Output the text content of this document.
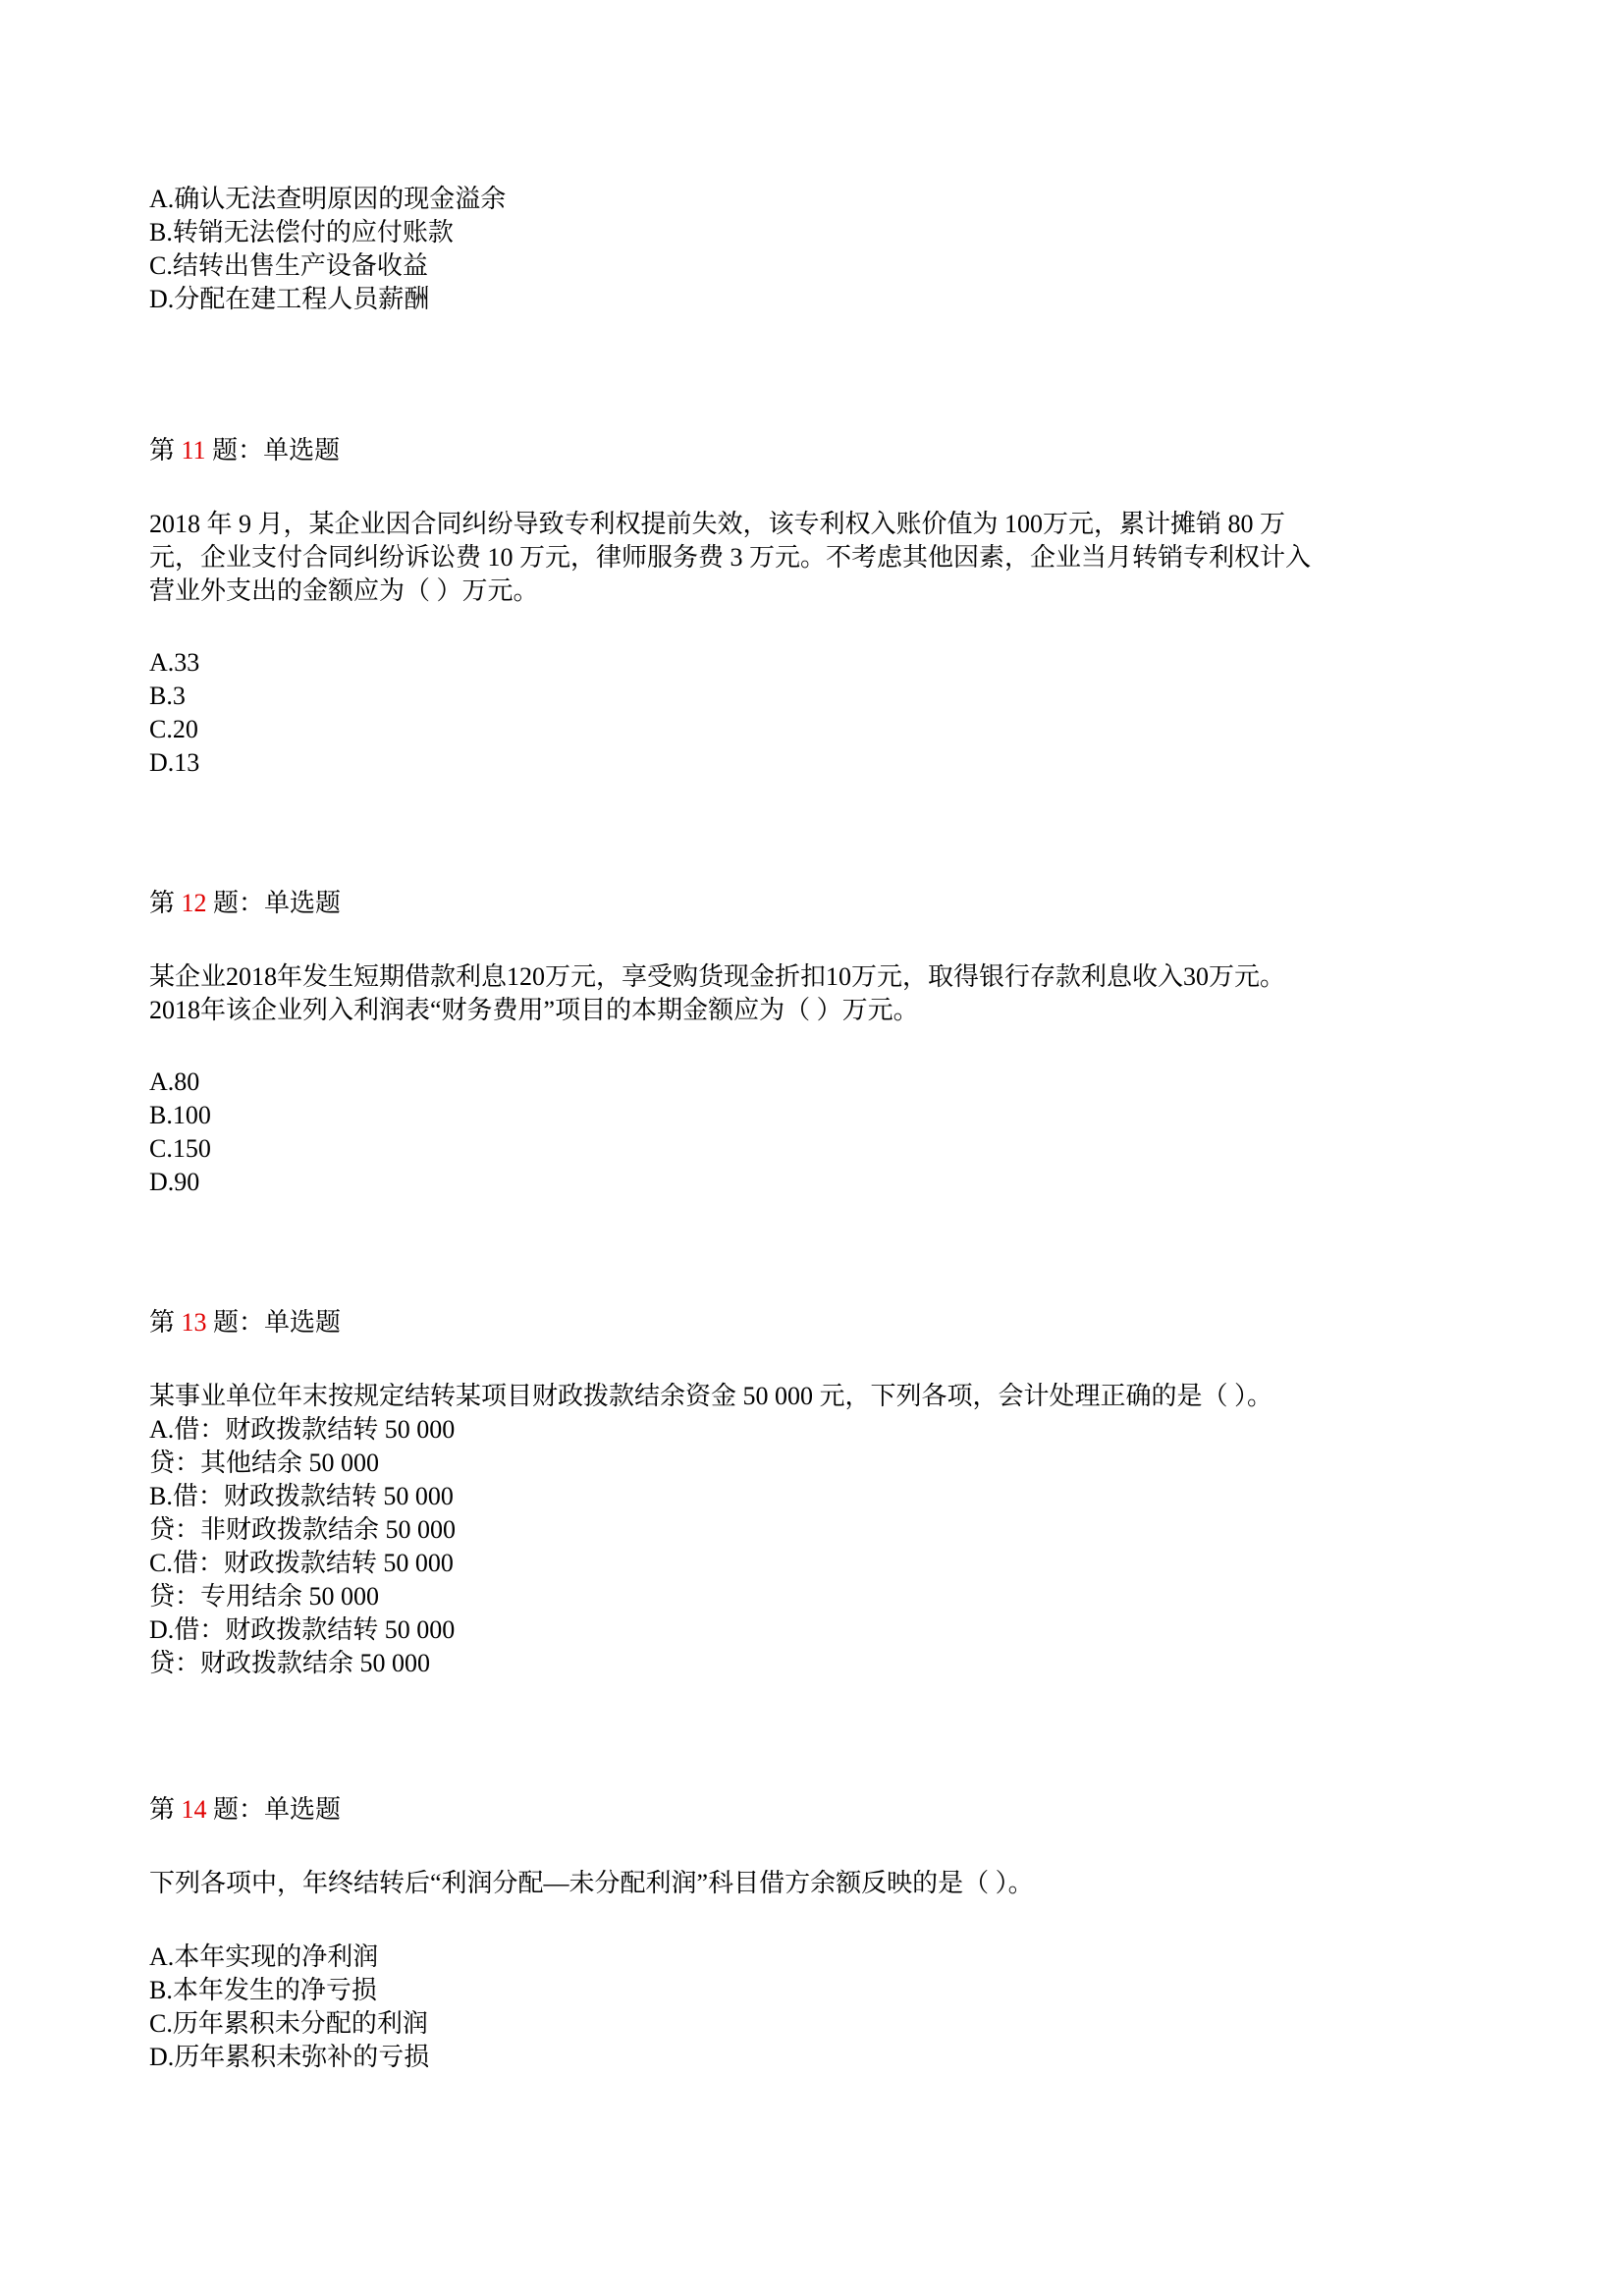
A.确认无法查明原因的现金溢余

B.转销无法偿付的应付账款

C.结转出售生产设备收益

D.分配在建工程人员薪酬

第 11 题：单选题

2018 年 9 月，某企业因合同纠纷导致专利权提前失效，该专利权入账价值为 100万元，累计摊销 80 万

元，企业支付合同纠纷诉讼费 10 万元，律师服务费 3 万元。不考虑其他因素，企业当月转销专利权计入

营业外支出的金额应为（ ）万元。

A.33

B.3

C.20

D.13

第 12 题：单选题

某企业2018年发生短期借款利息120万元，享受购货现金折扣10万元，取得银行存款利息收入30万元。

2018年该企业列入利润表“财务费用”项目的本期金额应为（ ）万元。

A.80

B.100

C.150

D.90

第 13 题：单选题

某事业单位年末按规定结转某项目财政拨款结余资金 50 000 元，下列各项，会计处理正确的是（ ）。

A.借：财政拨款结转 50 000

贷：其他结余 50 000

B.借：财政拨款结转 50 000

贷：非财政拨款结余 50 000

C.借：财政拨款结转 50 000

贷：专用结余 50 000

D.借：财政拨款结转 50 000

贷：财政拨款结余 50 000

第 14 题：单选题

下列各项中，年终结转后“利润分配—未分配利润”科目借方余额反映的是（ ）。

A.本年实现的净利润

B.本年发生的净亏损

C.历年累积未分配的利润

D.历年累积未弥补的亏损
